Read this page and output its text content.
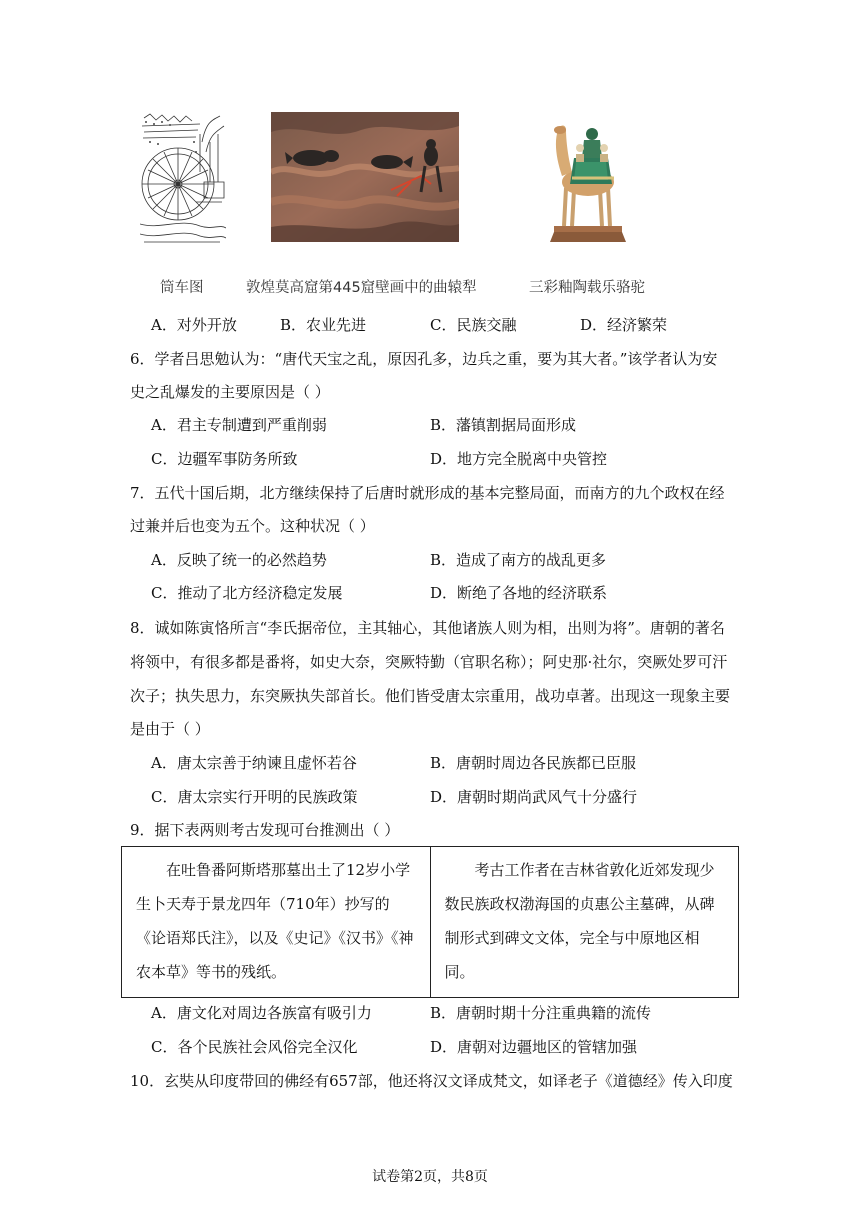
筒车图	敦煌莫高窟第445窟壁画中的曲辕犁	三彩釉陶载乐骆驼
A．对外开放	B．农业先进	C．民族交融	D．经济繁荣
6．学者吕思勉认为：“唐代天宝之乱，原因孔多，边兵之重，要为其大者。”该学者认为安
史之乱爆发的主要原因是（ ）
A．君主专制遭到严重削弱	B．藩镇割据局面形成
C．边疆军事防务所致	D．地方完全脱离中央管控
7．五代十国后期，北方继续保持了后唐时就形成的基本完整局面，而南方的九个政权在经
过兼并后也变为五个。这种状况（ ）
A．反映了统一的必然趋势	B．造成了南方的战乱更多
C．推动了北方经济稳定发展	D．断绝了各地的经济联系
8．诚如陈寅恪所言“李氏据帝位，主其轴心，其他诸族人则为相，出则为将”。唐朝的著名
将领中，有很多都是番将，如史大奈，突厥特勤（官职名称）；阿史那·社尔，突厥处罗可汗
次子；执失思力，东突厥执失部首长。他们皆受唐太宗重用，战功卓著。出现这一现象主要
是由于（ ）
A．唐太宗善于纳谏且虚怀若谷	B．唐朝时周边各民族都已臣服
C．唐太宗实行开明的民族政策	D．唐朝时期尚武风气十分盛行
9．据下表两则考古发现可台推测出（ ）
在吐鲁番阿斯塔那墓出土了12岁小学生卜天寿于景龙四年（710年）抄写的《论语郑氏注》，以及《史记》《汉书》《神农本草》等书的残纸。

考古工作者在吉林省敦化近郊发现少数民族政权渤海国的贞惠公主墓碑，从碑制形式到碑文文体，完全与中原地区相同。
A．唐文化对周边各族富有吸引力	B．唐朝时期十分注重典籍的流传
C．各个民族社会风俗完全汉化	D．唐朝对边疆地区的管辖加强
10．玄奘从印度带回的佛经有657部，他还将汉文译成梵文，如译老子《道德经》传入印度
试卷第2页，共8页
